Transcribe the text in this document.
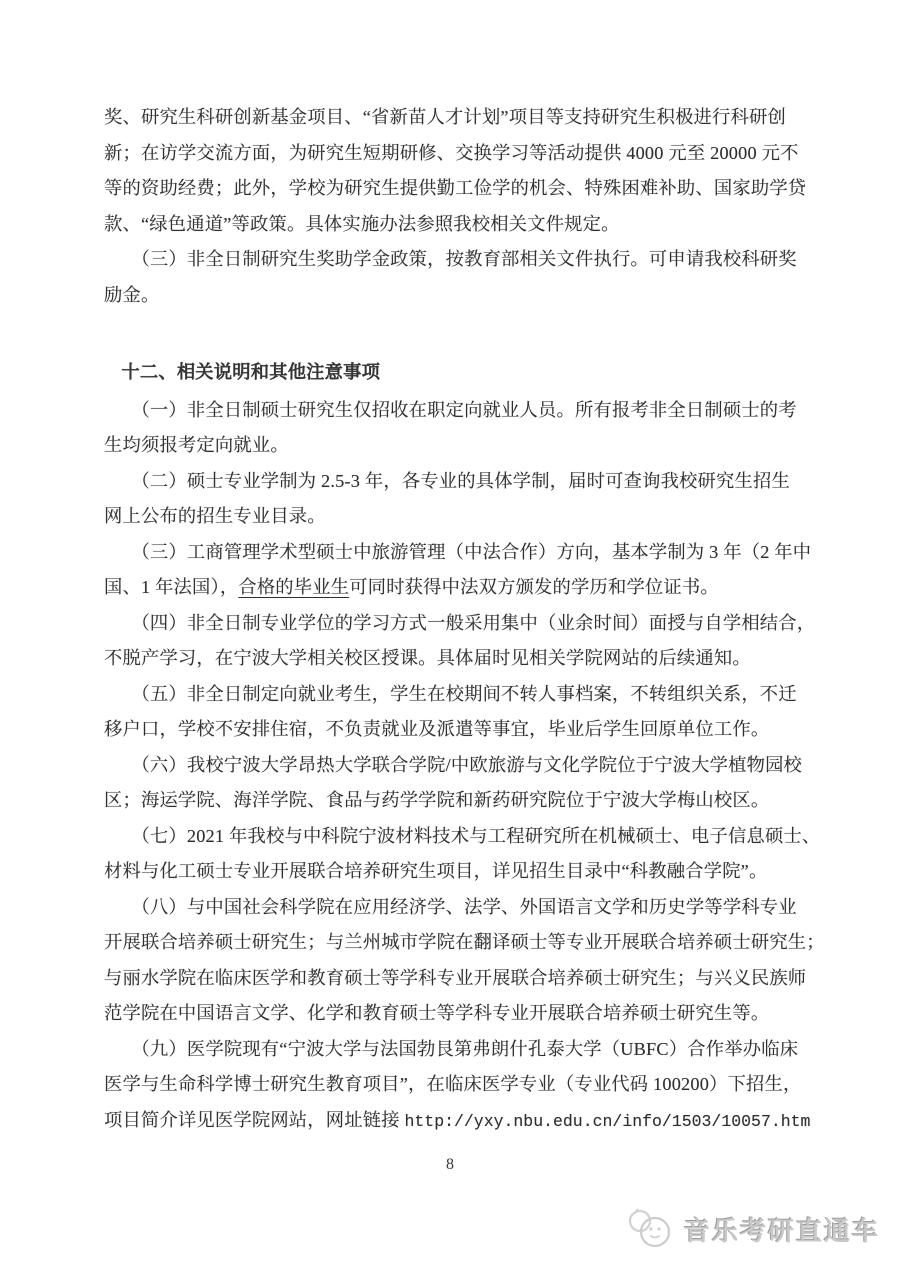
奖、研究生科研创新基金项目、“省新苗人才计划”项目等支持研究生积极进行科研创
新；在访学交流方面，为研究生短期研修、交换学习等活动提供 4000 元至 20000 元不
等的资助经费；此外，学校为研究生提供勤工俭学的机会、特殊困难补助、国家助学贷
款、“绿色通道”等政策。具体实施办法参照我校相关文件规定。
（三）非全日制研究生奖助学金政策，按教育部相关文件执行。可申请我校科研奖
励金。
十二、相关说明和其他注意事项
（一）非全日制硕士研究生仅招收在职定向就业人员。所有报考非全日制硕士的考
生均须报考定向就业。
（二）硕士专业学制为 2.5-3 年，各专业的具体学制，届时可查询我校研究生招生
网上公布的招生专业目录。
（三）工商管理学术型硕士中旅游管理（中法合作）方向，基本学制为 3 年（2 年中
国、1 年法国），合格的毕业生可同时获得中法双方颁发的学历和学位证书。
（四）非全日制专业学位的学习方式一般采用集中（业余时间）面授与自学相结合，
不脱产学习，在宁波大学相关校区授课。具体届时见相关学院网站的后续通知。
（五）非全日制定向就业考生，学生在校期间不转人事档案，不转组织关系，不迁
移户口，学校不安排住宿，不负责就业及派遣等事宜，毕业后学生回原单位工作。
（六）我校宁波大学昂热大学联合学院/中欧旅游与文化学院位于宁波大学植物园校
区；海运学院、海洋学院、食品与药学学院和新药研究院位于宁波大学梅山校区。
（七）2021 年我校与中科院宁波材料技术与工程研究所在机械硕士、电子信息硕士、
材料与化工硕士专业开展联合培养研究生项目，详见招生目录中“科教融合学院”。
（八）与中国社会科学院在应用经济学、法学、外国语言文学和历史学等学科专业
开展联合培养硕士研究生；与兰州城市学院在翻译硕士等专业开展联合培养硕士研究生；
与丽水学院在临床医学和教育硕士等学科专业开展联合培养硕士研究生；与兴义民族师
范学院在中国语言文学、化学和教育硕士等学科专业开展联合培养硕士研究生等。
（九）医学院现有“宁波大学与法国勃艮第弗朗什孔泰大学（UBFC）合作举办临床
医学与生命科学博士研究生教育项目”，在临床医学专业（专业代码 100200）下招生，
项目简介详见医学院网站，网址链接 http://yxy.nbu.edu.cn/info/1503/10057.htm
8
音乐考研直通车
